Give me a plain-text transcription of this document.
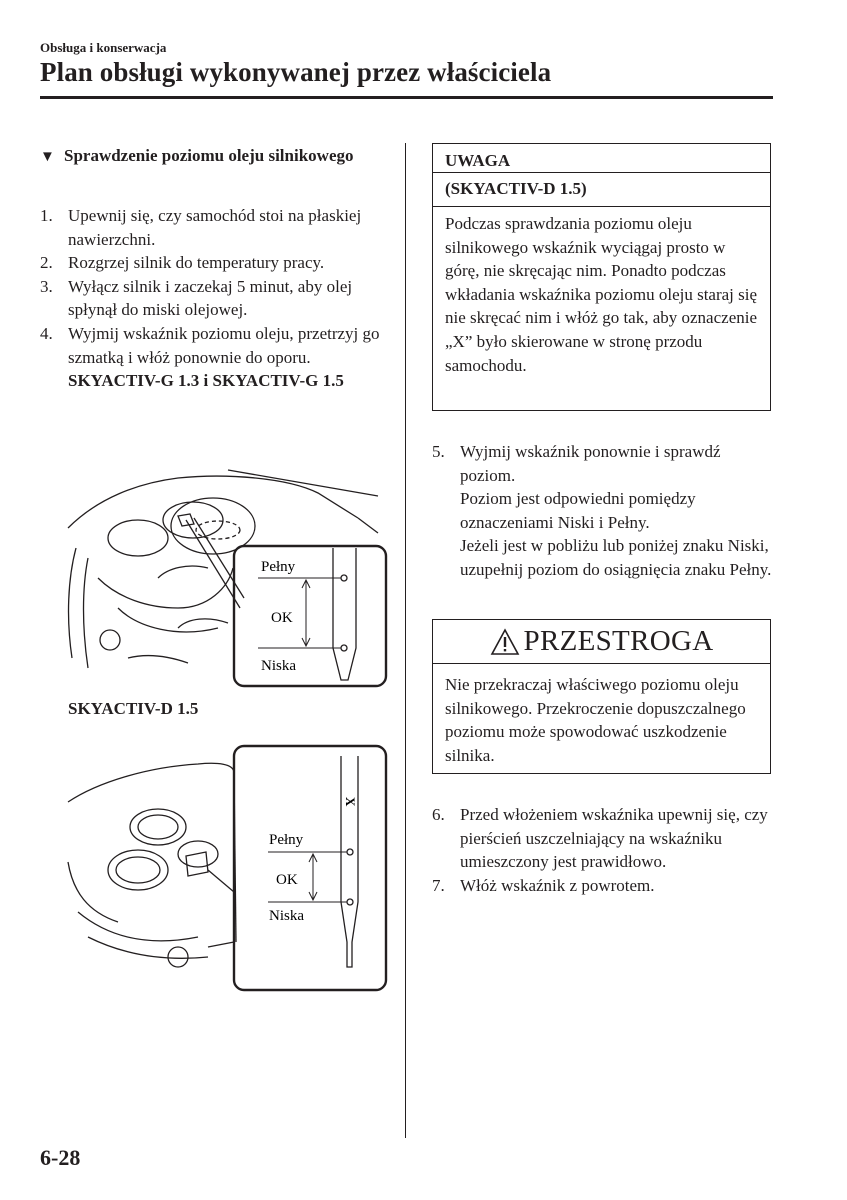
Obsługa i konserwacja
Plan obsługi wykonywanej przez właściciela
▼ Sprawdzenie poziomu oleju silnikowego
1. Upewnij się, czy samochód stoi na płaskiej nawierzchni.
2. Rozgrzej silnik do temperatury pracy.
3. Wyłącz silnik i zaczekaj 5 minut, aby olej spłynął do miski olejowej.
4. Wyjmij wskaźnik poziomu oleju, przetrzyj go szmatką i włóż ponownie do oporu.
SKYACTIV-G 1.3 i SKYACTIV-G 1.5
Pełny
OK
Niska
SKYACTIV-D 1.5
X
Pełny
OK
Niska
UWAGA
(SKYACTIV-D 1.5)
Podczas sprawdzania poziomu oleju silnikowego wskaźnik wyciągaj prosto w górę, nie skręcając nim. Ponadto podczas wkładania wskaźnika poziomu oleju staraj się nie skręcać nim i włóż go tak, aby oznaczenie „X” było skierowane w stronę przodu samochodu.
5. Wyjmij wskaźnik ponownie i sprawdź poziom.
Poziom jest odpowiedni pomiędzy oznaczeniami Niski i Pełny.
Jeżeli jest w pobliżu lub poniżej znaku Niski, uzupełnij poziom do osiągnięcia znaku Pełny.
PRZESTROGA
Nie przekraczaj właściwego poziomu oleju silnikowego. Przekroczenie dopuszczalnego poziomu może spowodować uszkodzenie silnika.
6. Przed włożeniem wskaźnika upewnij się, czy pierścień uszczelniający na wskaźniku umieszczony jest prawidłowo.
7. Włóż wskaźnik z powrotem.
6-28
